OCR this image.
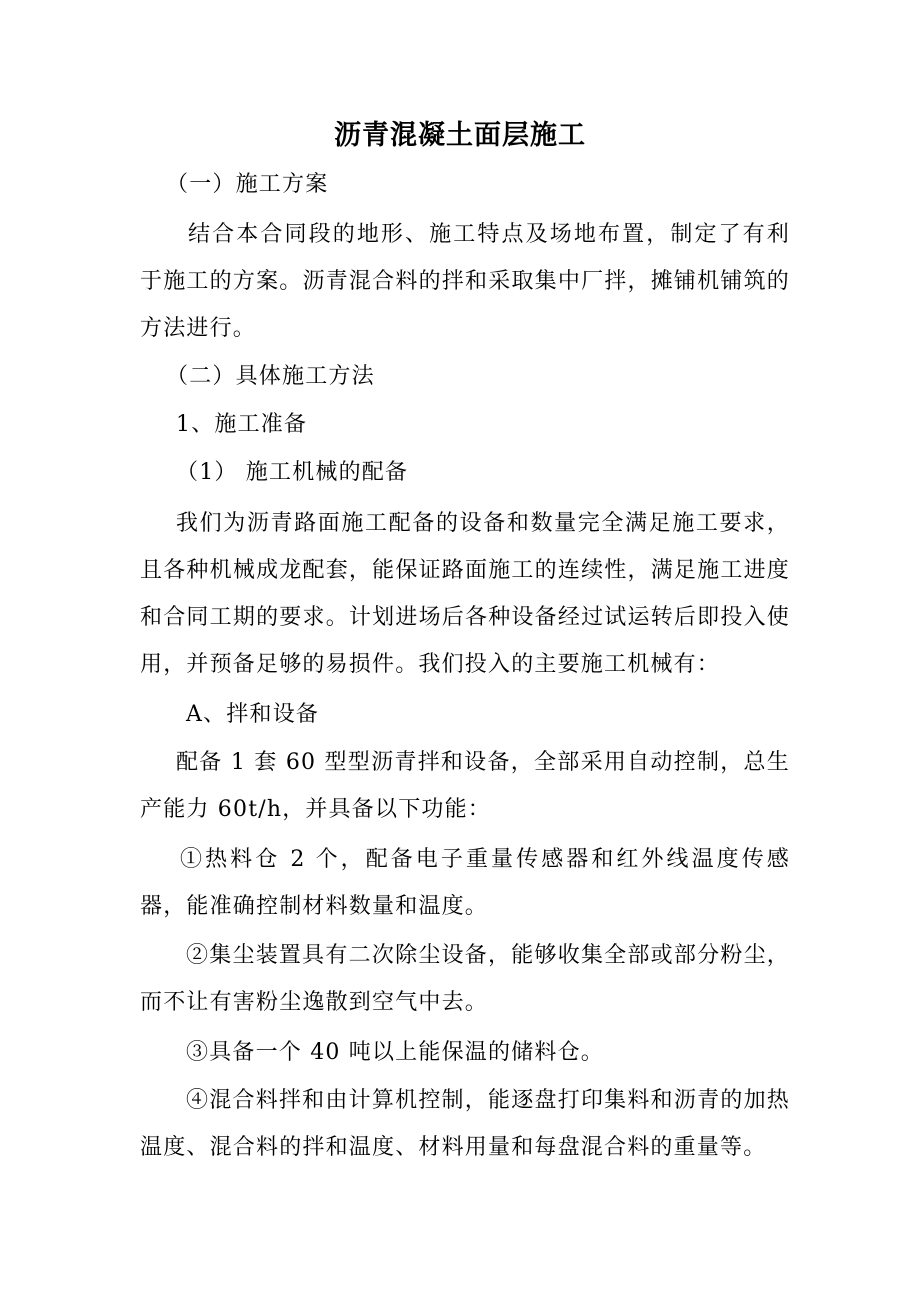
沥青混凝土面层施工

（一）施工方案

结合本合同段的地形、施工特点及场地布置，制定了有利于施工的方案。沥青混合料的拌和采取集中厂拌，摊铺机铺筑的方法进行。

（二）具体施工方法

1、施工准备

（1） 施工机械的配备

我们为沥青路面施工配备的设备和数量完全满足施工要求，且各种机械成龙配套，能保证路面施工的连续性，满足施工进度和合同工期的要求。计划进场后各种设备经过试运转后即投入使用，并预备足够的易损件。我们投入的主要施工机械有：

A、拌和设备

配备 1 套 60 型型沥青拌和设备，全部采用自动控制，总生产能力 60t/h，并具备以下功能：

①热料仓 2 个，配备电子重量传感器和红外线温度传感器，能准确控制材料数量和温度。

②集尘装置具有二次除尘设备，能够收集全部或部分粉尘，而不让有害粉尘逸散到空气中去。

③具备一个 40 吨以上能保温的储料仓。

④混合料拌和由计算机控制，能逐盘打印集料和沥青的加热温度、混合料的拌和温度、材料用量和每盘混合料的重量等。
